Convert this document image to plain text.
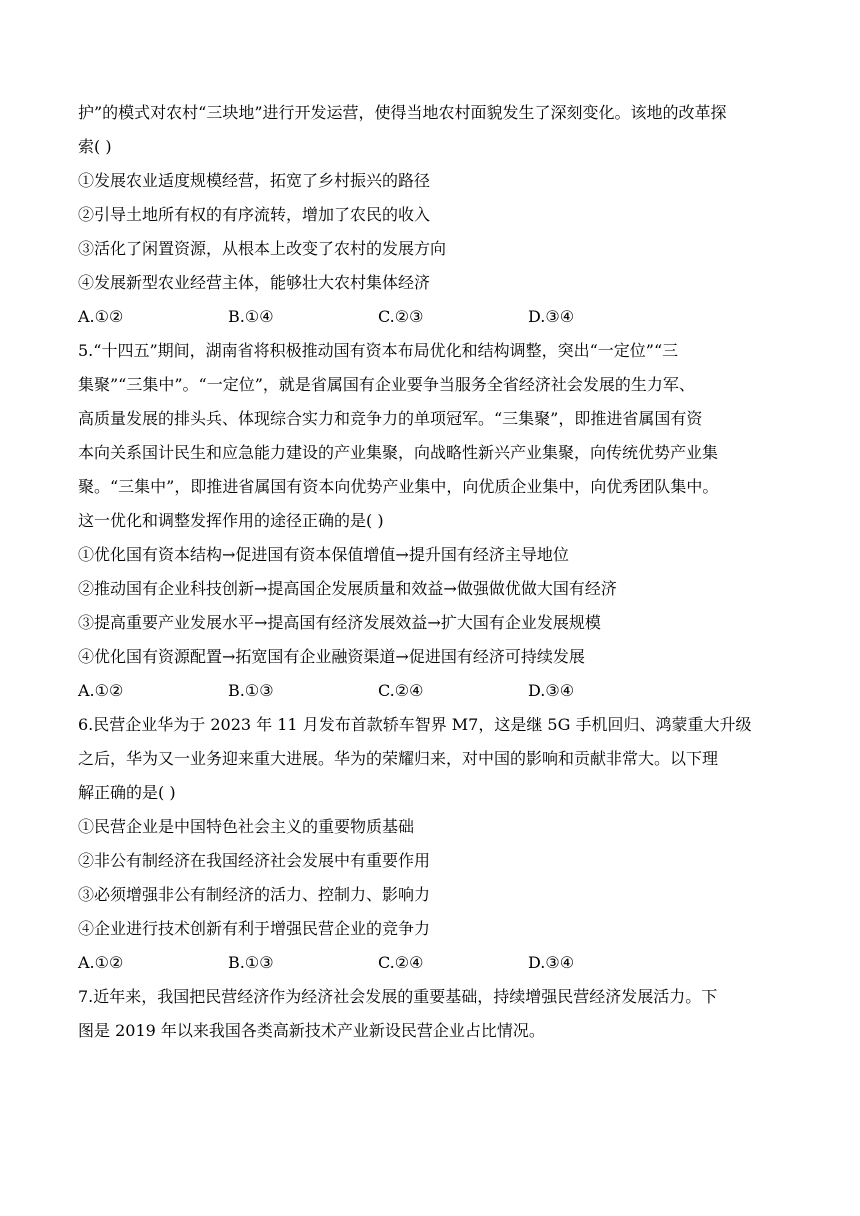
护”的模式对农村“三块地”进行开发运营，使得当地农村面貌发生了深刻变化。该地的改革探
索( )
①发展农业适度规模经营，拓宽了乡村振兴的路径
②引导土地所有权的有序流转，增加了农民的收入
③活化了闲置资源，从根本上改变了农村的发展方向
④发展新型农业经营主体，能够壮大农村集体经济
A.①②	B.①④	C.②③	D.③④
5.“十四五”期间，湖南省将积极推动国有资本布局优化和结构调整，突出“一定位”“三
集聚”“三集中”。“一定位”，就是省属国有企业要争当服务全省经济社会发展的生力军、
高质量发展的排头兵、体现综合实力和竞争力的单项冠军。“三集聚”，即推进省属国有资
本向关系国计民生和应急能力建设的产业集聚，向战略性新兴产业集聚，向传统优势产业集
聚。“三集中”，即推进省属国有资本向优势产业集中，向优质企业集中，向优秀团队集中。
这一优化和调整发挥作用的途径正确的是( )
①优化国有资本结构→促进国有资本保值增值→提升国有经济主导地位
②推动国有企业科技创新→提高国企发展质量和效益→做强做优做大国有经济
③提高重要产业发展水平→提高国有经济发展效益→扩大国有企业发展规模
④优化国有资源配置→拓宽国有企业融资渠道→促进国有经济可持续发展
A.①②	B.①③	C.②④	D.③④
6.民营企业华为于 2023 年 11 月发布首款轿车智界 M7，这是继 5G 手机回归、鸿蒙重大升级
之后，华为又一业务迎来重大进展。华为的荣耀归来，对中国的影响和贡献非常大。以下理
解正确的是( )
①民营企业是中国特色社会主义的重要物质基础
②非公有制经济在我国经济社会发展中有重要作用
③必须增强非公有制经济的活力、控制力、影响力
④企业进行技术创新有利于增强民营企业的竞争力
A.①②	B.①③	C.②④	D.③④
7.近年来，我国把民营经济作为经济社会发展的重要基础，持续增强民营经济发展活力。下
图是 2019 年以来我国各类高新技术产业新设民营企业占比情况。
